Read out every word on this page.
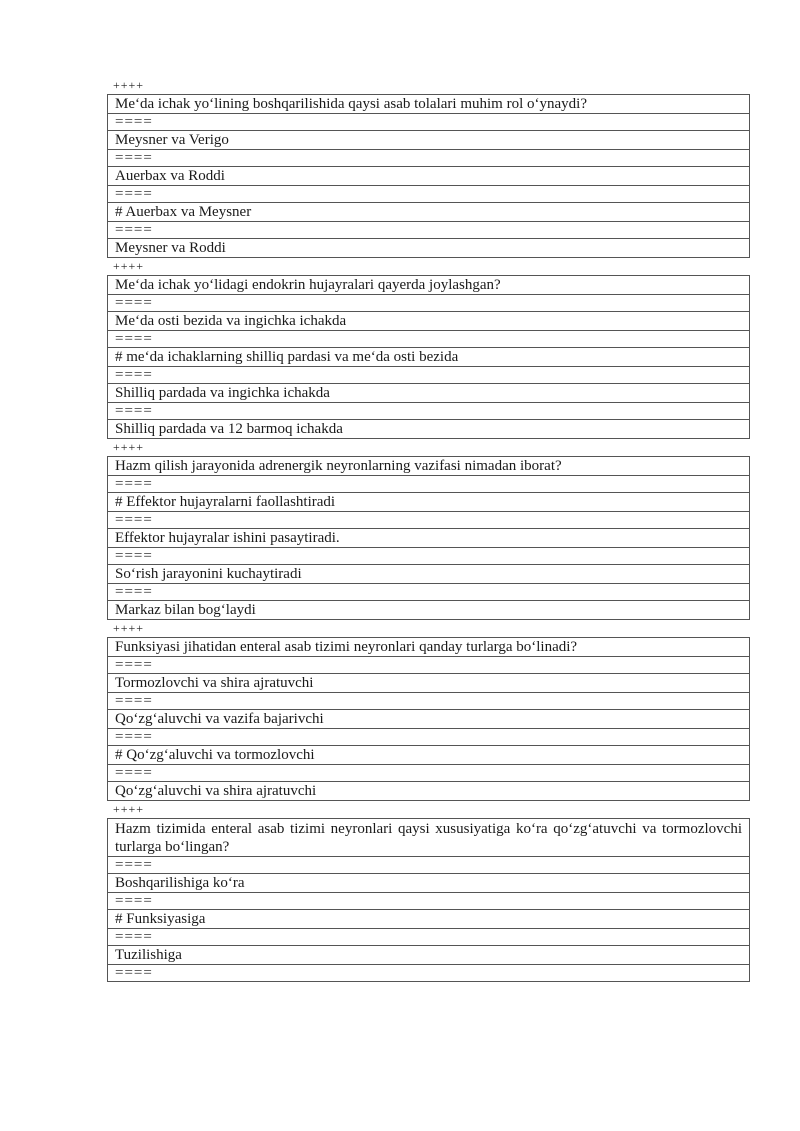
++++
Me‘da ichak yo‘lining boshqarilishida qaysi asab tolalari muhim rol o‘ynaydi?
====
Meysner va Verigo
====
Auerbax va Roddi
====
# Auerbax va Meysner
====
Meysner va Roddi
++++
Me‘da ichak yo‘lidagi endokrin hujayralari qayerda joylashgan?
====
Me‘da osti bezida va ingichka ichakda
====
# me‘da ichaklarning shilliq pardasi va me‘da osti bezida
====
Shilliq pardada va ingichka ichakda
====
Shilliq pardada va 12 barmoq ichakda
++++
Hazm qilish jarayonida adrenergik neyronlarning vazifasi nimadan iborat?
====
# Effektor hujayralarni faollashtiradi
====
Effektor hujayralar ishini pasaytiradi.
====
So‘rish jarayonini kuchaytiradi
====
Markaz bilan bog‘laydi
++++
Funksiyasi jihatidan enteral asab tizimi neyronlari qanday turlarga bo‘linadi?
====
Tormozlovchi va shira ajratuvchi
====
Qo‘zg‘aluvchi va vazifa bajarivchi
====
# Qo‘zg‘aluvchi va tormozlovchi
====
Qo‘zg‘aluvchi va shira ajratuvchi
++++
Hazm tizimida enteral asab tizimi neyronlari qaysi xususiyatiga ko‘ra qo‘zg‘atuvchi va tormozlovchi turlarga bo‘lingan?
====
Boshqarilishiga ko‘ra
====
# Funksiyasiga
====
Tuzilishiga
====
